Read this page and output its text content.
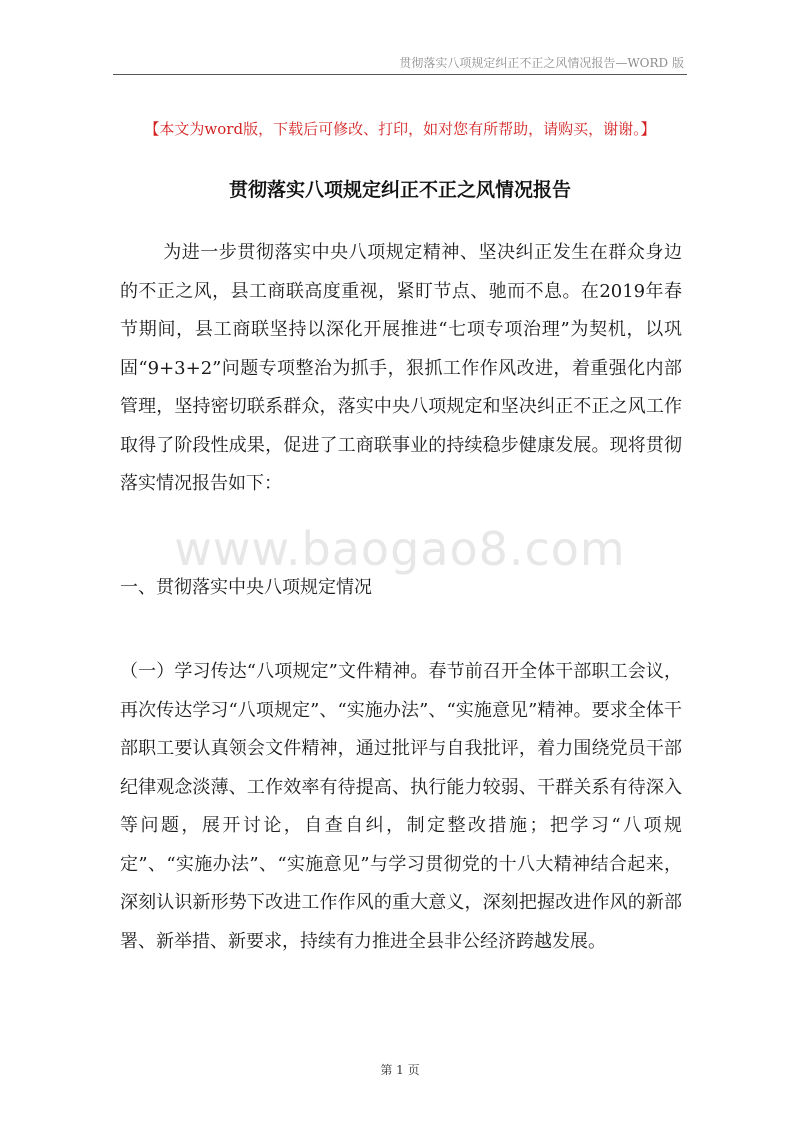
贯彻落实八项规定纠正不正之风情况报告—WORD 版
【本文为word版，下载后可修改、打印，如对您有所帮助，请购买，谢谢。】
贯彻落实八项规定纠正不正之风情况报告

为进一步贯彻落实中央八项规定精神、坚决纠正发生在群众身边的不正之风，县工商联高度重视，紧盯节点、驰而不息。在2019年春节期间，县工商联坚持以深化开展推进“七项专项治理”为契机，以巩固“9+3+2”问题专项整治为抓手，狠抓工作作风改进，着重强化内部管理，坚持密切联系群众，落实中央八项规定和坚决纠正不正之风工作取得了阶段性成果，促进了工商联事业的持续稳步健康发展。现将贯彻落实情况报告如下：

www.baogao8.com
一、贯彻落实中央八项规定情况

（一）学习传达“八项规定”文件精神。春节前召开全体干部职工会议，再次传达学习“八项规定”、“实施办法”、“实施意见”精神。要求全体干部职工要认真领会文件精神，通过批评与自我批评，着力围绕党员干部纪律观念淡薄、工作效率有待提高、执行能力较弱、干群关系有待深入等问题，展开讨论，自查自纠，制定整改措施；把学习“八项规定”、“实施办法”、“实施意见”与学习贯彻党的十八大精神结合起来，深刻认识新形势下改进工作作风的重大意义，深刻把握改进作风的新部署、新举措、新要求，持续有力推进全县非公经济跨越发展。

第 1 页
